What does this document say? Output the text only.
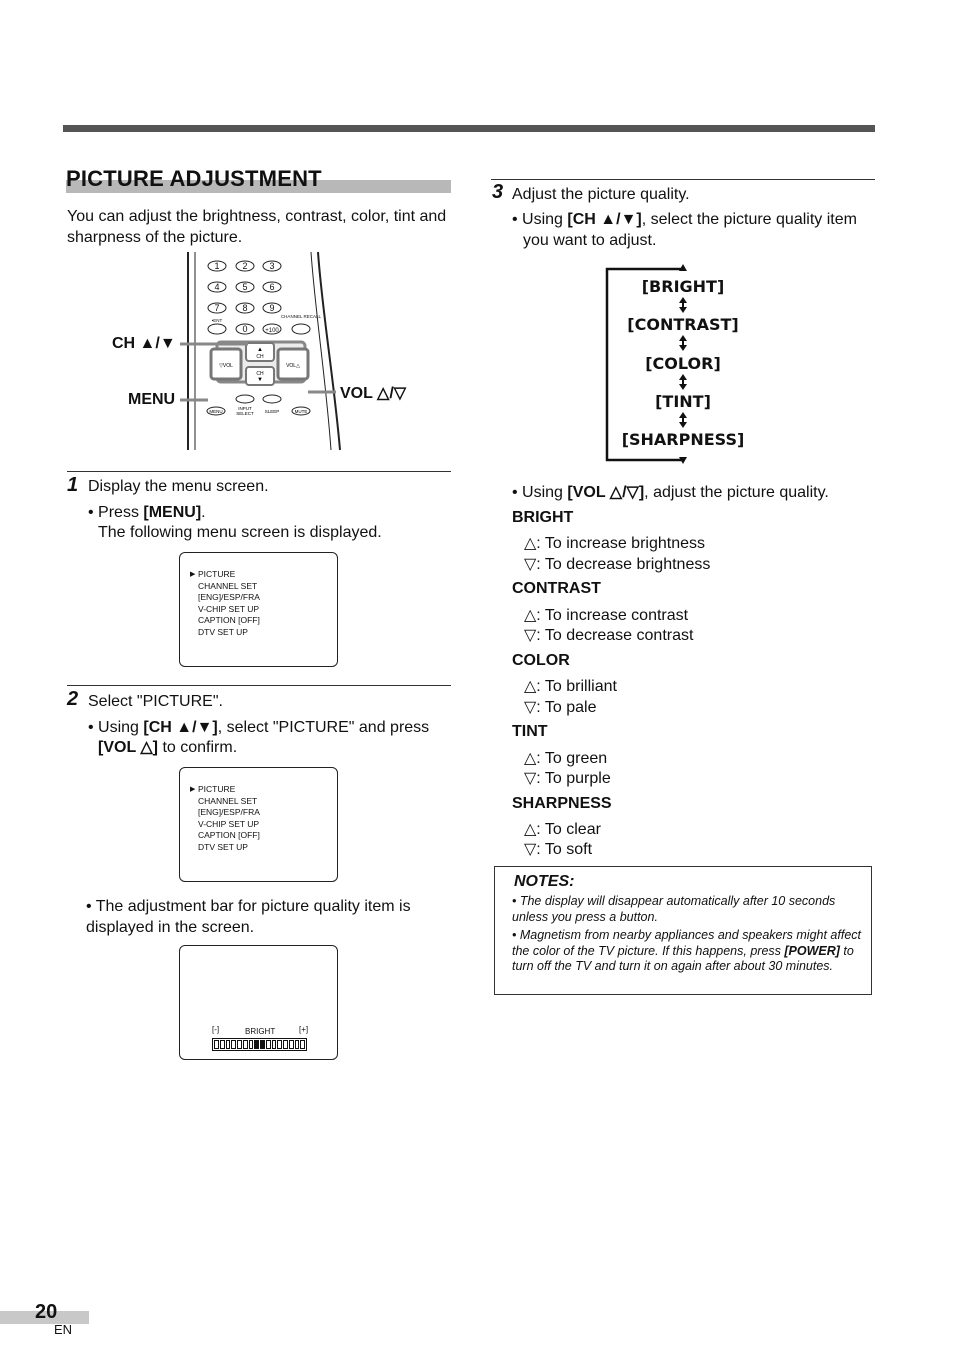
PICTURE ADJUSTMENT
You can adjust the brightness, contrast, color, tint and sharpness of the picture.
1	2 3
4	5 6
7	8 9
0	+100
•ENT
CHANNEL RECALL
▲
CH
CH
▼
▽VOL	VOL△
MENU
INPUT
SELECT SLEEP	MUTE
CH ▲/▼
MENU	VOL △/▽
1 Display the menu screen.
• Press [MENU].
The following menu screen is displayed.
▶ PICTURE
CHANNEL SET
[ENG]/ESP/FRA
V-CHIP SET UP
CAPTION [OFF]
DTV SET UP
2 Select "PICTURE".
• Using [CH ▲/▼], select "PICTURE" and press
[VOL △] to confirm.
▶ PICTURE
CHANNEL SET
[ENG]/ESP/FRA
V-CHIP SET UP
CAPTION [OFF]
DTV SET UP
• The adjustment bar for picture quality item is displayed in the screen.
[-]	[+]
BRIGHT
3 Adjust the picture quality.
• Using [CH ▲/▼], select the picture quality item
you want to adjust.
[BRIGHT]
[CONTRAST]
[COLOR]
[TINT]
[SHARPNESS]
• Using [VOL △/▽], adjust the picture quality.
BRIGHT
△: To increase brightness
▽: To decrease brightness
CONTRAST
△: To increase contrast
▽: To decrease contrast
COLOR
△: To brilliant
▽: To pale
TINT
△: To green
▽: To purple
SHARPNESS
△: To clear
▽: To soft
NOTES:
• The display will disappear automatically after 10 seconds unless you press a button.
• Magnetism from nearby appliances and speakers might affect the color of the TV picture. If this happens, press [POWER] to turn off the TV and turn it on again after about 30 minutes.
20
EN
